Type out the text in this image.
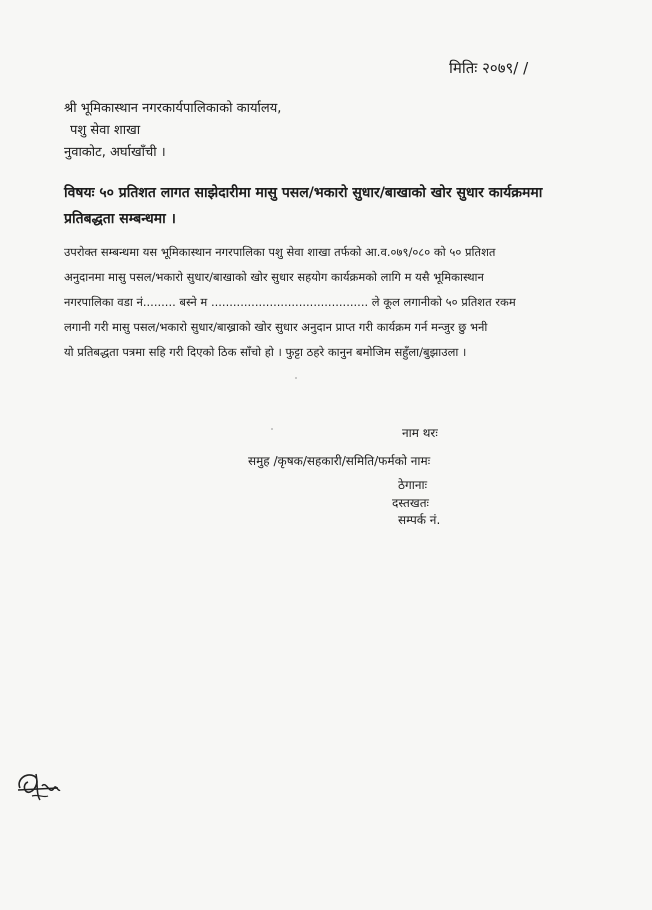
मितिः २०७९/ /
श्री भूमिकास्थान नगरकार्यपालिकाको कार्यालय,
पशु सेवा शाखा
नुवाकोट, अर्घाखाँची ।
विषयः ५० प्रतिशत लागत साझेदारीमा मासु पसल/भकारो सुधार/बाखाको खोर सुधार कार्यक्रममा प्रतिबद्धता सम्बन्धमा ।
उपरोक्त सम्बन्धमा यस भूमिकास्थान नगरपालिका पशु सेवा शाखा तर्फको आ.व.०७९/०८० को ५० प्रतिशत
अनुदानमा मासु पसल/भकारो सुधार/बाखाको खोर सुधार सहयोग कार्यक्रमको लागि म यसै भूमिकास्थान
नगरपालिका वडा नं......... बस्ने म ........................................... ले कूल लगानीको ५० प्रतिशत रकम
लगानी गरी मासु पसल/भकारो सुधार/बाख्राको खोर सुधार अनुदान प्राप्त गरी कार्यक्रम गर्न मन्जुर छु भनी
यो प्रतिबद्धता पत्रमा सहि गरी दिएको ठिक साँचो हो । फुट्टा ठहरे कानुन बमोजिम सहुँला/बुझाउला ।
नाम थरः
समुह /कृषक/सहकारी/समिति/फर्मको नामः
ठेगानाः
दस्तखतः
सम्पर्क नं.
